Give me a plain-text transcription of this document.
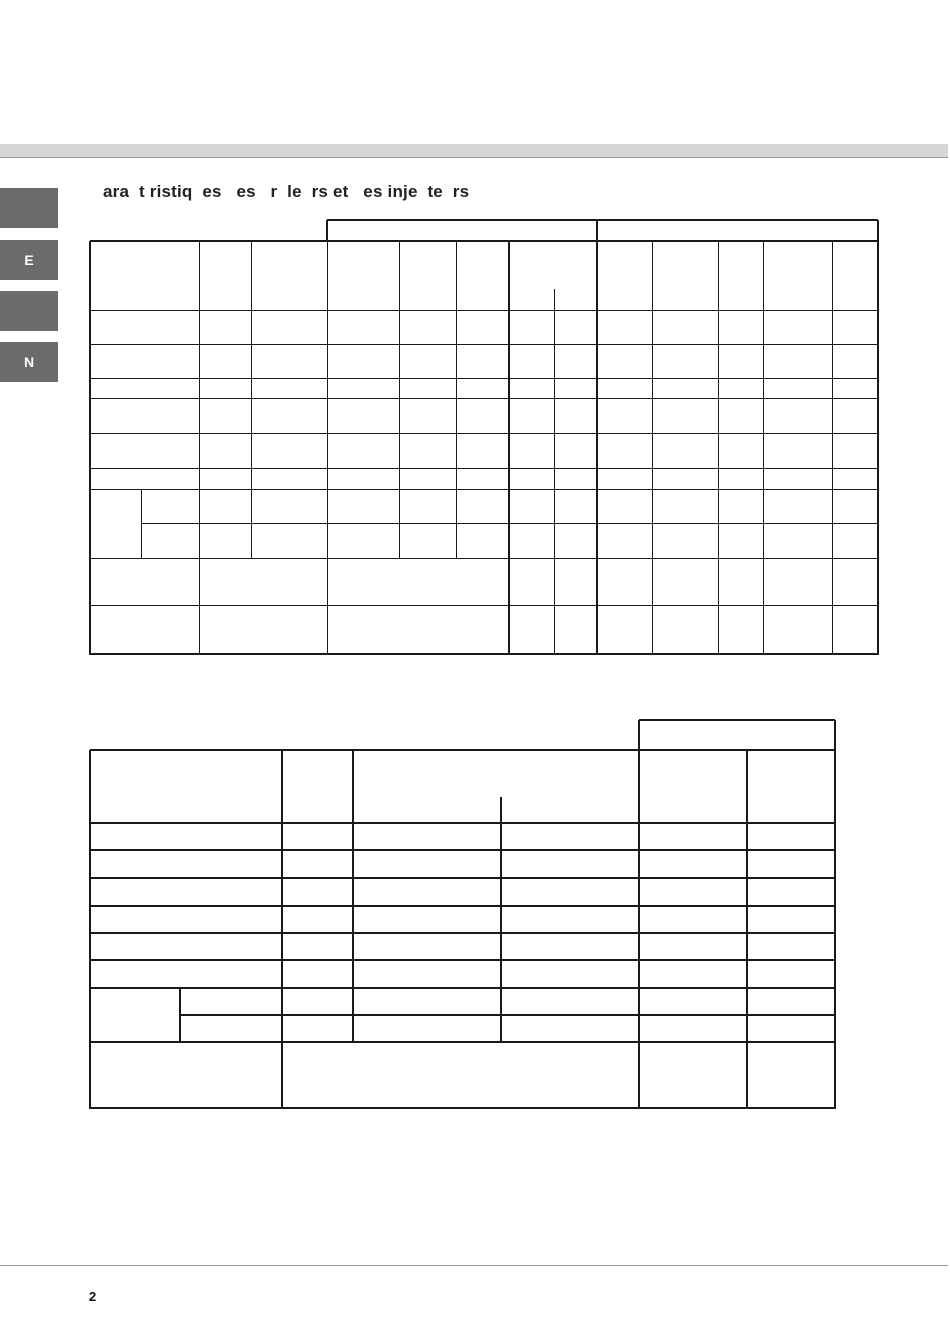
E
N
ara  t ristiq  es   es   r  le  rs et   es inje  te  rs
2
